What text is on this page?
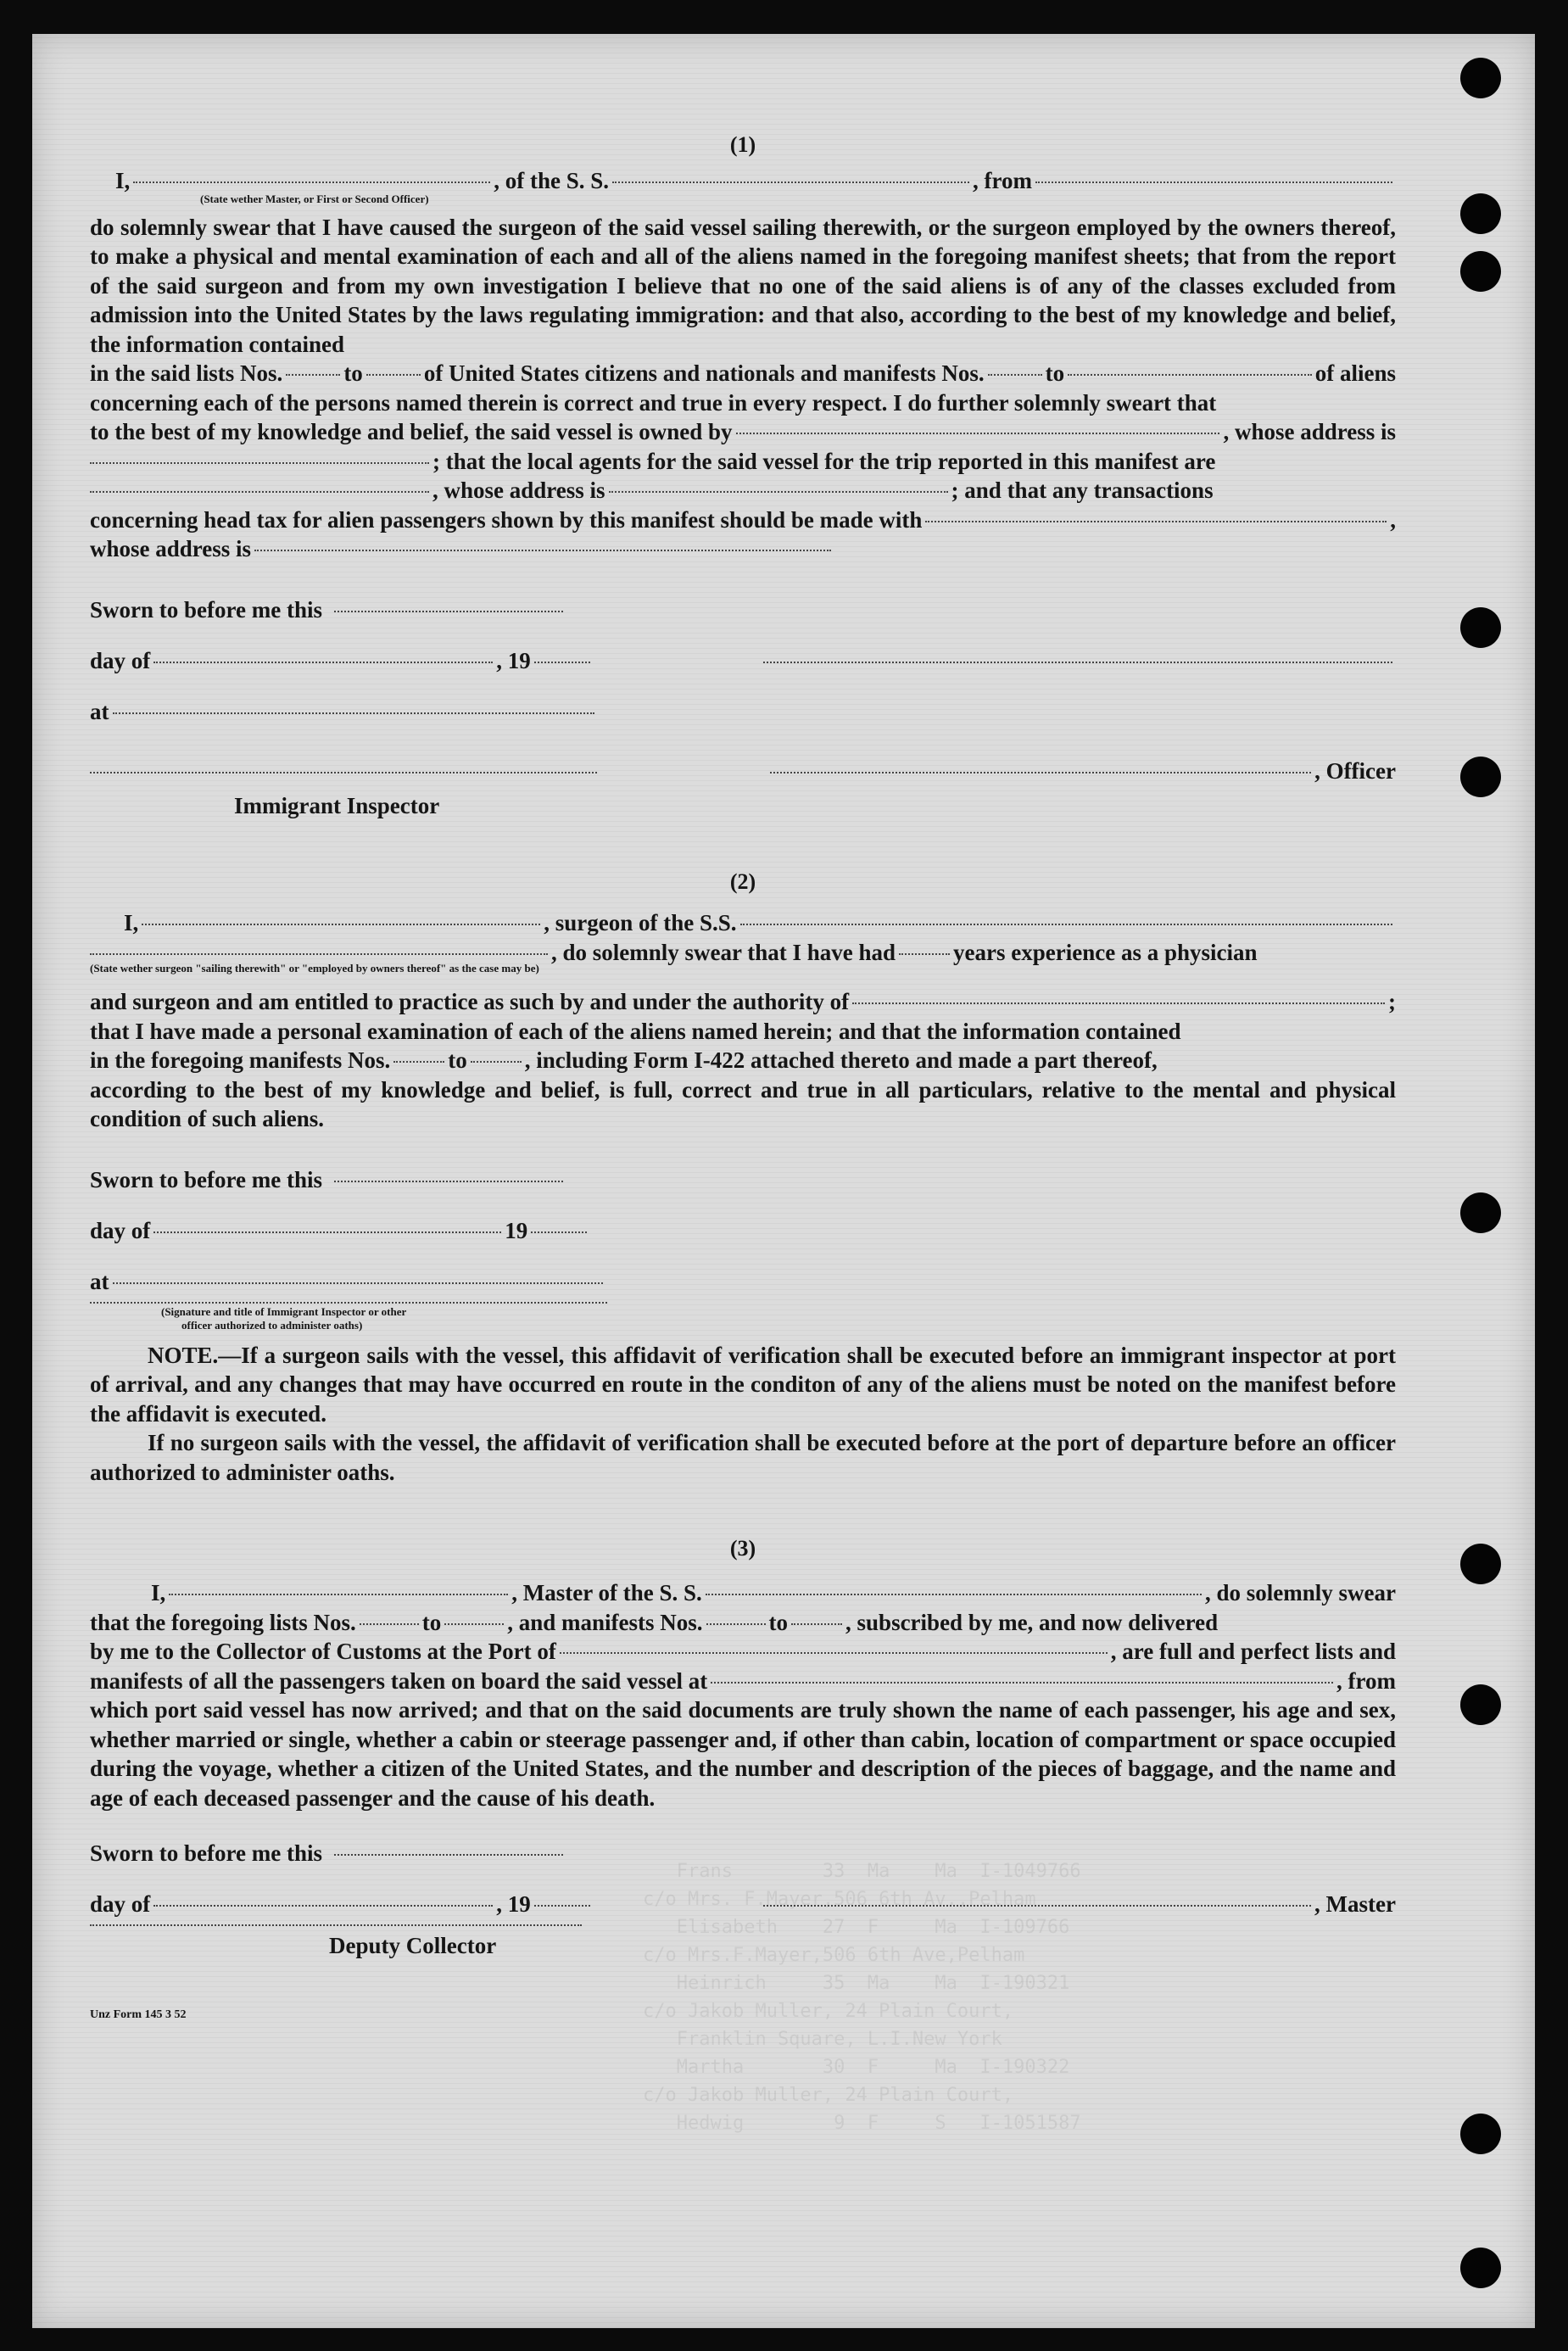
Frans        33  Ma    Ma  I-1049766
c/o Mrs. F.Mayer,506 6th Av.,Pelham
Elisabeth    27  F     Ma  I-109766
c/o Mrs.F.Mayer,506 6th Ave,Pelham
Heinrich     35  Ma    Ma  I-190321
c/o Jakob Muller, 24 Plain Court,
Franklin Square, L.I.New York
Martha       30  F     Ma  I-190322
c/o Jakob Muller, 24 Plain Court,
Hedwig        9  F     S   I-1051587

(1)

I,	, of the S. S.	, from

(State wether Master, or First or Second Officer)

do solemnly swear that I have caused the surgeon of the said vessel sailing therewith, or the surgeon employed by the owners thereof, to make a physical and mental examination of each and all of the aliens named in the foregoing manifest sheets; that from the report of the said surgeon and from my own investigation I believe that no one of the said aliens is of any of the classes excluded from admission into the United States by the laws regulating immigration: and that also, according to the best of my knowledge and belief, the information contained

in the said lists Nos.	to	of United States citizens and nationals and manifests Nos.	to	of aliens

concerning each of the persons named therein is correct and true in every respect. I do further solemnly sweart that

to the best of my knowledge and belief, the said vessel is owned by	, whose address is
; that the local agents for the said vessel for the trip reported in this manifest are
, whose address is	; and that any transactions
concerning head tax for alien passengers shown by this manifest should be made with	,
whose address is
Sworn to before me this
day of	, 19
at
, Officer
Immigrant Inspector

(2)

I,	, surgeon of the S.S.
, do solemnly swear that I have had	years experience as a physician

(State wether surgeon "sailing therewith" or "employed by owners thereof" as the case may be)

and surgeon and am entitled to practice as such by and under the authority of	;

that I have made a personal examination of each of the aliens named herein; and that the information contained

in the foregoing manifests Nos.	to	, including Form I-422 attached thereto and made a part thereof,

according to the best of my knowledge and belief, is full, correct and true in all particulars, relative to the mental and physical condition of such aliens.

Sworn to before me this
day of	19
at

(Signature and title of Immigrant Inspector or other

officer authorized to administer oaths)

NOTE.—If a surgeon sails with the vessel, this affidavit of verification shall be executed before an immigrant inspector at port of arrival, and any changes that may have occurred en route in the conditon of any of the aliens must be noted on the manifest before the affidavit is executed.

If no surgeon sails with the vessel, the affidavit of verification shall be executed before at the port of departure before an officer authorized to administer oaths.

(3)

I,	, Master of the S. S.	, do solemnly swear
that the foregoing lists Nos.	to	, and manifests Nos.	to	, subscribed by me, and now delivered
by me to the Collector of Customs at the Port of	, are full and perfect lists and
manifests of all the passengers taken on board the said vessel at	, from

which port said vessel has now arrived; and that on the said documents are truly shown the name of each passenger, his age and sex, whether married or single, whether a cabin or steerage passenger and, if other than cabin, location of compartment or space occupied during the voyage, whether a citizen of the United States, and the number and description of the pieces of baggage, and the name and age of each deceased passenger and the cause of his death.

Sworn to before me this
day of	, 19	, Master
Deputy Collector
Unz Form 145 3 52
